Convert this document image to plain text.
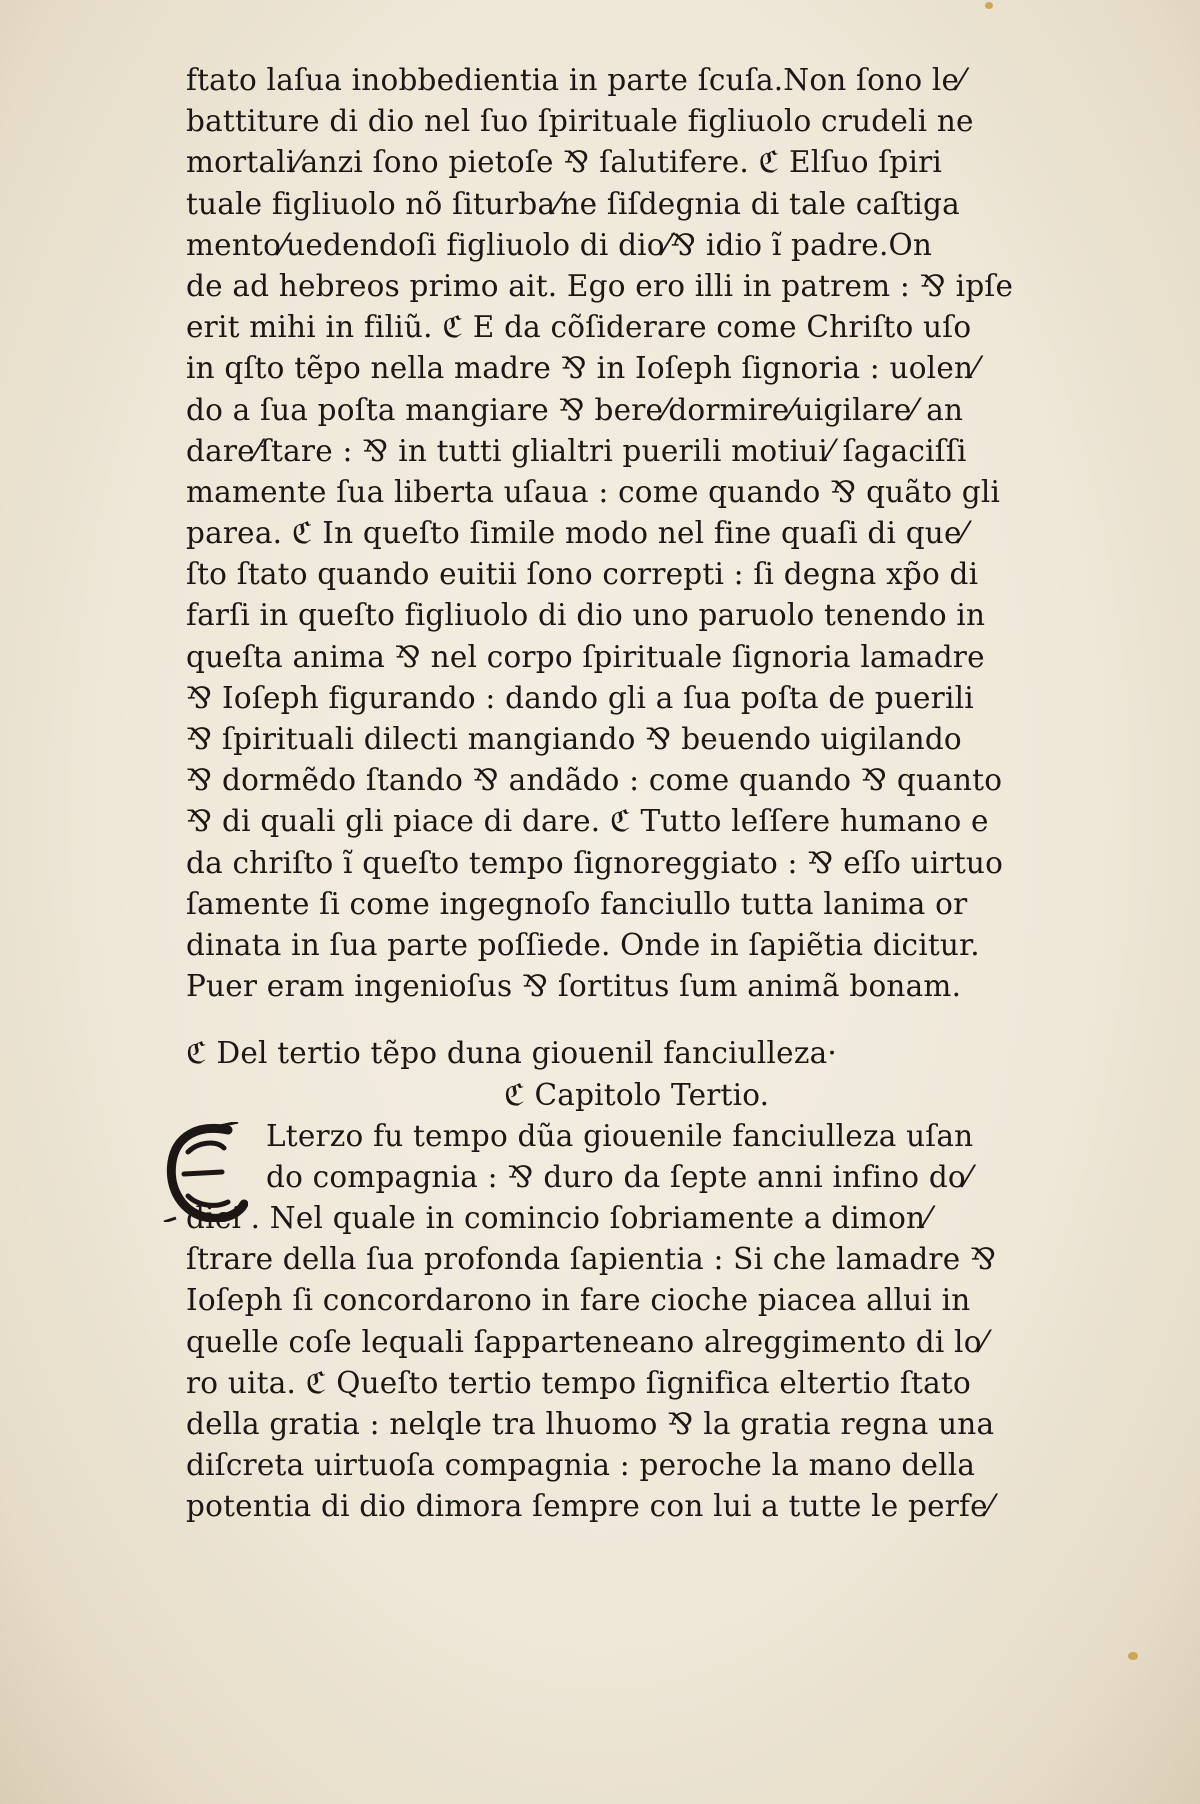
ftato laſua inobbedientia in parte ſcuſa.Non ſono le⁄
battiture di dio nel ſuo ſpirituale figliuolo crudeli ne
mortali⁄anzi ſono pietoſe ⅋ ſalutifere. ℭ Elſuo ſpiri
tuale figliuolo nõ ſiturba⁄ne ſiſdegnia di tale caſtiga
mento⁄uedendoſi figliuolo di dio⁄⅋ idio ĩ padre.On
de ad hebreos primo ait. Ego ero illi in patrem : ⅋ ipſe
erit mihi in filiũ. ℭ E da cõſiderare come Chriſto uſo
in qſto tẽpo nella madre ⅋ in Ioſeph ſignoria : uolen⁄
do a ſua poſta mangiare ⅋ bere⁄dormire⁄uigilare⁄ an
dare⁄ſtare : ⅋ in tutti glialtri puerili motiui⁄ ſagaciſſi
mamente ſua liberta uſaua : come quando ⅋ quãto gli
parea. ℭ In queſto ſimile modo nel fine quaſi di que⁄
ſto ſtato quando euitii ſono correpti : ſi degna xp̃o di
farſi in queſto figliuolo di dio uno paruolo tenendo in
queſta anima ⅋ nel corpo ſpirituale ſignoria lamadre
⅋ Ioſeph figurando : dando gli a ſua poſta de puerili
⅋ ſpirituali dilecti mangiando ⅋ beuendo uigilando
⅋ dormẽdo ſtando ⅋ andãdo : come quando ⅋ quanto
⅋ di quali gli piace di dare. ℭ Tutto leſſere humano e
da chriſto ĩ queſto tempo ſignoreggiato : ⅋ eſſo uirtuo
ſamente ſi come ingegnoſo fanciullo tutta lanima or
dinata in ſua parte poſſiede. Onde in ſapiẽtia dicitur.
Puer eram ingenioſus ⅋ ſortitus ſum animã bonam.
ℭ Del tertio tẽpo duna giouenil fanciulleza·
ℭ Capitolo Tertio.
Lterzo fu tempo dũa giouenile fanciulleza uſan
do compagnia : ⅋ duro da ſepte anni infino do⁄
dici . Nel quale in comincio ſobriamente a dimon⁄
ſtrare della ſua profonda ſapientia : Si che lamadre ⅋
Ioſeph ſi concordarono in fare cioche piacea allui in
quelle coſe lequali ſapparteneano alreggimento di lo⁄
ro uita. ℭ Queſto tertio tempo ſignifica eltertio ſtato
della gratia : nelqle tra lhuomo ⅋ la gratia regna una
diſcreta uirtuoſa compagnia : peroche la mano della
potentia di dio dimora ſempre con lui a tutte le perfe⁄
